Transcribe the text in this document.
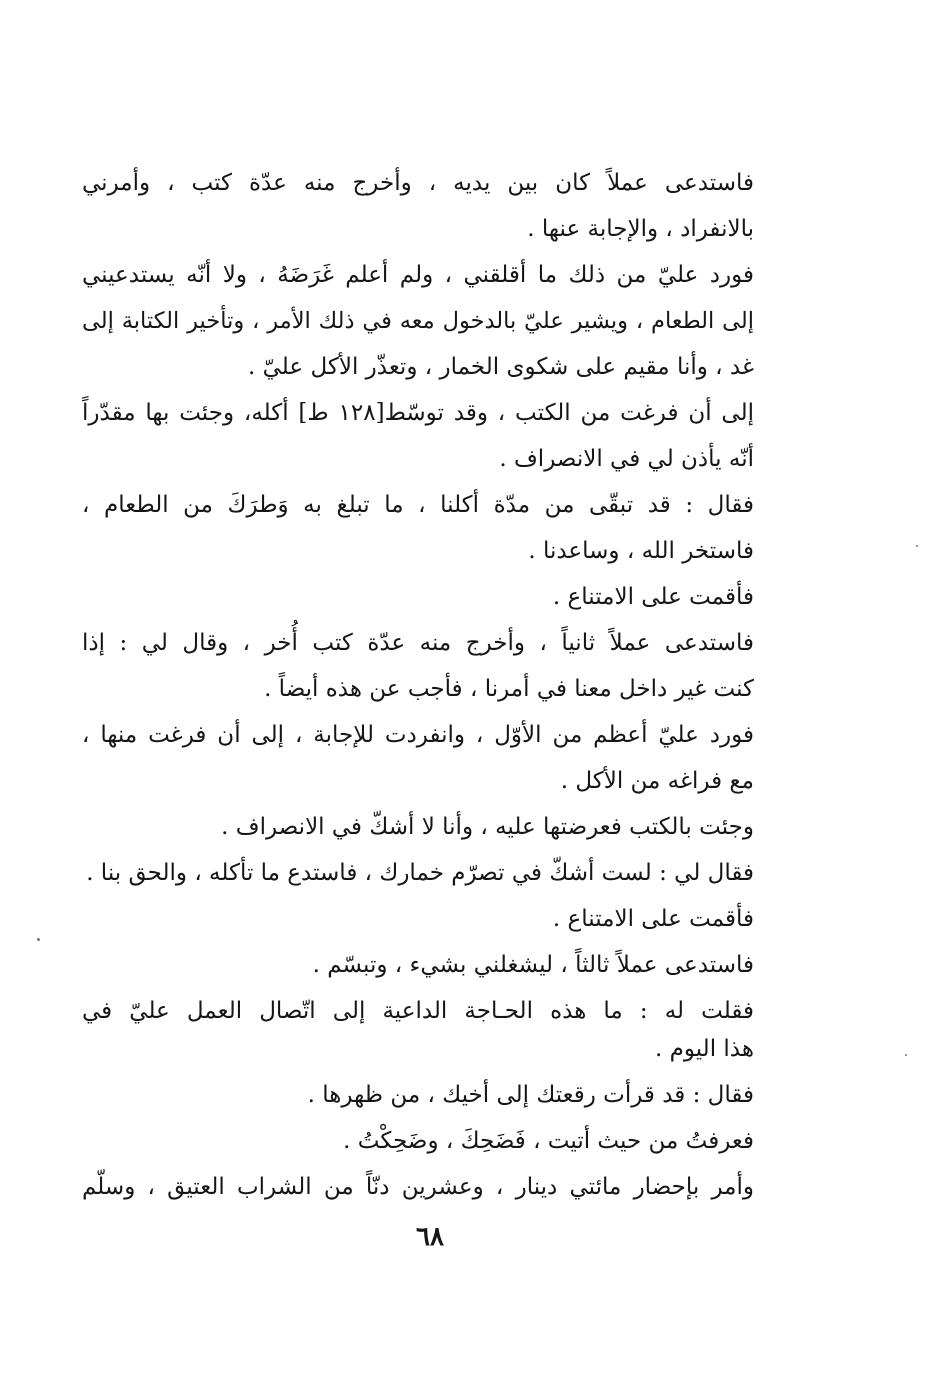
فاستدعى عملاً كان بين يديه ، وأخرج منه عدّة كتب ، وأمرني
بالانفراد ، والإجابة عنها .
فورد عليّ من ذلك ما أقلقني ، ولم أعلم غَرَضَهُ ، ولا أنّه يستدعيني
إلى الطعام ، ويشير عليّ بالدخول معه في ذلك الأمر ، وتأخير الكتابة إلى
غد ، وأنا مقيم على شكوى الخمار ، وتعذّر الأكل عليّ .
إلى أن فرغت من الكتب ، وقد توسّط[١٢٨ ط] أكله، وجئت بها مقدّراً
أنّه يأذن لي في الانصراف .
فقال : قد تبقّى من مدّة أكلنا ، ما تبلغ به وَطرَكَ من الطعام ،
فاستخر الله ، وساعدنا .
فأقمت على الامتناع .
فاستدعى عملاً ثانياً ، وأخرج منه عدّة كتب أُخر ، وقال لي : إذا
كنت غير داخل معنا في أمرنا ، فأجب عن هذه أيضاً .
فورد عليّ أعظم من الأوّل ، وانفردت للإجابة ، إلى أن فرغت منها ،
مع فراغه من الأكل .
وجئت بالكتب فعرضتها عليه ، وأنا لا أشكّ في الانصراف .
فقال لي : لست أشكّ في تصرّم خمارك ، فاستدع ما تأكله ، والحق بنا .
فأقمت على الامتناع .
فاستدعى عملاً ثالثاً ، ليشغلني بشيء ، وتبسّم .
فقلت له : ما هذه الحـاجة الداعية إلى اتّصال العمل عليّ في
هذا اليوم .
فقال : قد قرأت رقعتك إلى أخيك ، من ظهرها .
فعرفتُ من حيث أتيت ، فَضَحِكَ ، وضَحِكْتُ .
وأمر بإحضار مائتي دينار ، وعشرين دنّاً من الشراب العتيق ، وسلّم
٦٨
